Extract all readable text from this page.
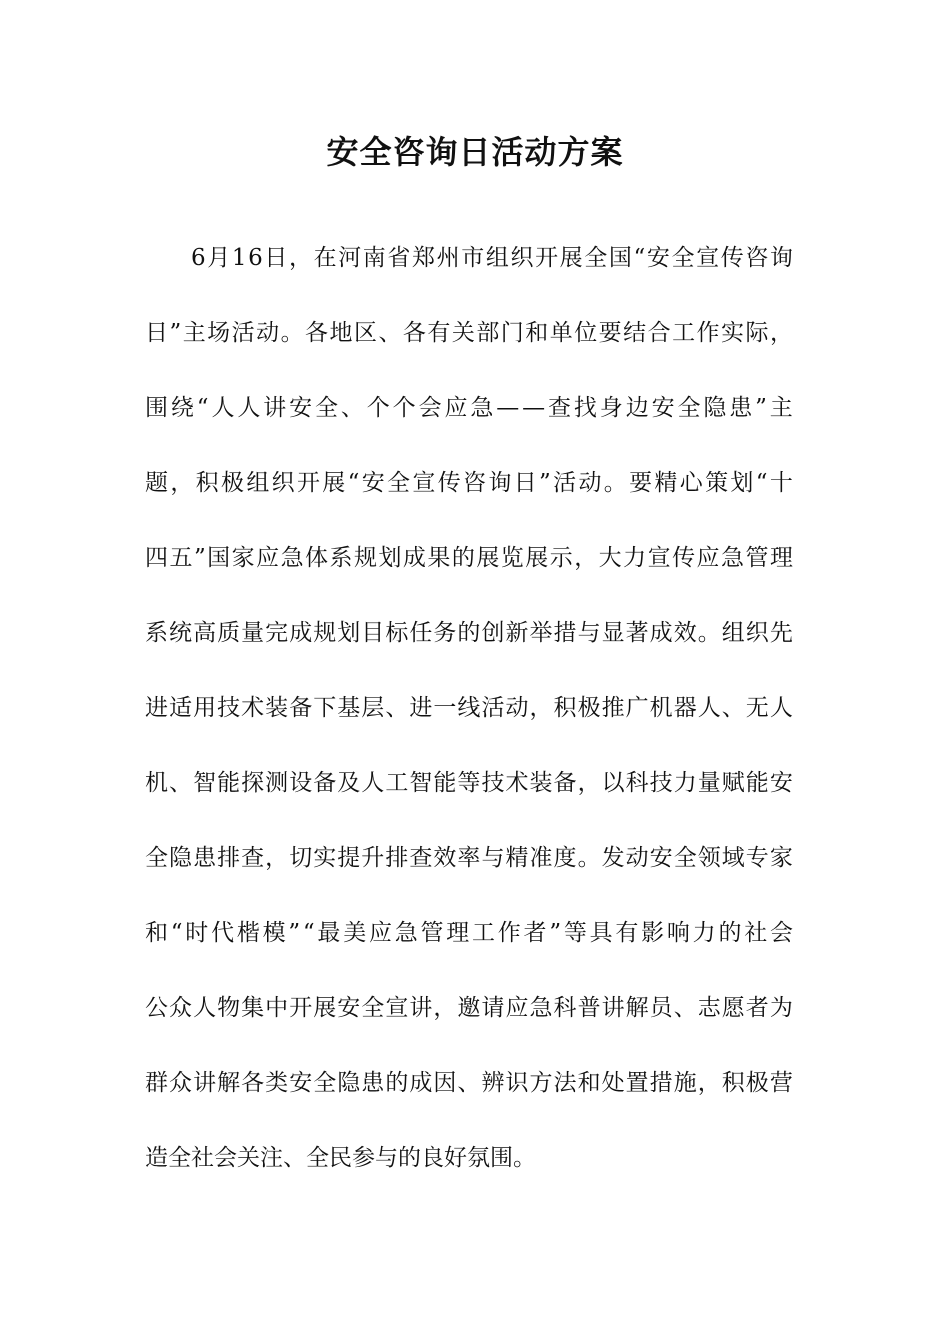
安全咨询日活动方案
6 月 1 6 日 ， 在 河 南 省 郑 州 市 组 织 开 展 全 国 “ 安 全 宣 传 咨 询
日 ” 主 场 活 动 。 各 地 区 、 各 有 关 部 门 和 单 位 要 结 合 工 作 实 际 ，
围 绕 “ 人 人 讲 安 全 、 个 个 会 应 急 — — 查 找 身 边 安 全 隐 患 ” 主
题 ， 积 极 组 织 开 展 “ 安 全 宣 传 咨 询 日 ” 活 动 。 要 精 心 策 划 “ 十
四 五 ” 国 家 应 急 体 系 规 划 成 果 的 展 览 展 示 ， 大 力 宣 传 应 急 管 理
系 统 高 质 量 完 成 规 划 目 标 任 务 的 创 新 举 措 与 显 著 成 效 。 组 织 先
进 适 用 技 术 装 备 下 基 层 、 进 一 线 活 动 ， 积 极 推 广 机 器 人 、 无 人
机 、 智 能 探 测 设 备 及 人 工 智 能 等 技 术 装 备 ， 以 科 技 力 量 赋 能 安
全 隐 患 排 查 ， 切 实 提 升 排 查 效 率 与 精 准 度 。 发 动 安 全 领 域 专 家
和 “ 时 代 楷 模 ” “ 最 美 应 急 管 理 工 作 者 ” 等 具 有 影 响 力 的 社 会
公 众 人 物 集 中 开 展 安 全 宣 讲 ， 邀 请 应 急 科 普 讲 解 员 、 志 愿 者 为
群 众 讲 解 各 类 安 全 隐 患 的 成 因 、 辨 识 方 法 和 处 置 措 施 ， 积 极 营
造全社会关注、全民参与的良好氛围。
